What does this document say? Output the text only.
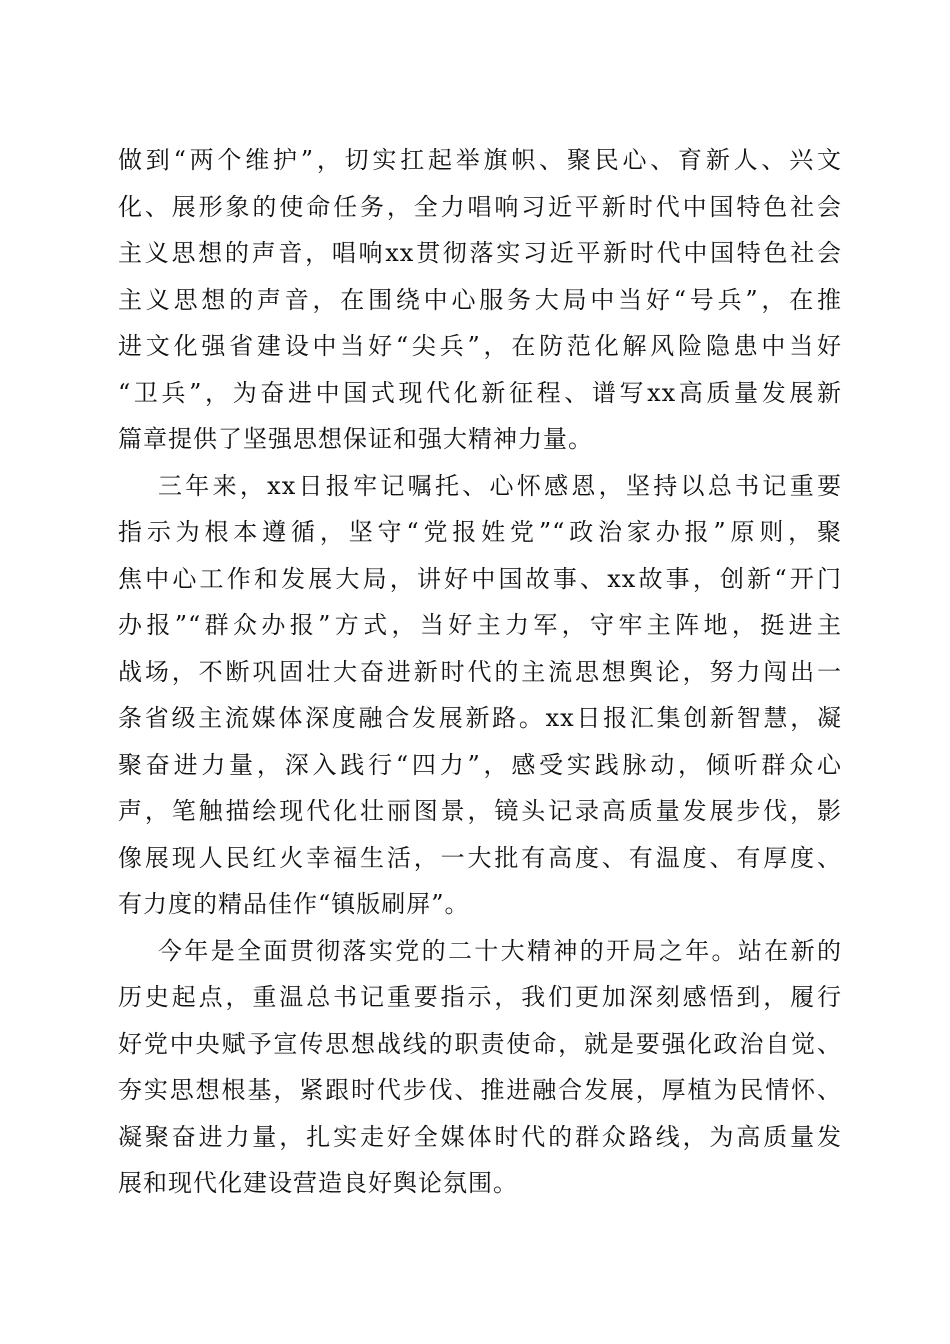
做到“两个维护”，切实扛起举旗帜、聚民心、育新人、兴文
化、展形象的使命任务，全力唱响习近平新时代中国特色社会
主义思想的声音，唱响xx贯彻落实习近平新时代中国特色社会
主义思想的声音，在围绕中心服务大局中当好“号兵”，在推
进文化强省建设中当好“尖兵”，在防范化解风险隐患中当好
“卫兵”，为奋进中国式现代化新征程、谱写xx高质量发展新
篇章提供了坚强思想保证和强大精神力量。
三年来，xx日报牢记嘱托、心怀感恩，坚持以总书记重要
指示为根本遵循，坚守“党报姓党”“政治家办报”原则，聚
焦中心工作和发展大局，讲好中国故事、xx故事，创新“开门
办报”“群众办报”方式，当好主力军，守牢主阵地，挺进主
战场，不断巩固壮大奋进新时代的主流思想舆论，努力闯出一
条省级主流媒体深度融合发展新路。xx日报汇集创新智慧，凝
聚奋进力量，深入践行“四力”，感受实践脉动，倾听群众心
声，笔触描绘现代化壮丽图景，镜头记录高质量发展步伐，影
像展现人民红火幸福生活，一大批有高度、有温度、有厚度、
有力度的精品佳作“镇版刷屏”。
今年是全面贯彻落实党的二十大精神的开局之年。站在新的
历史起点，重温总书记重要指示，我们更加深刻感悟到，履行
好党中央赋予宣传思想战线的职责使命，就是要强化政治自觉、
夯实思想根基，紧跟时代步伐、推进融合发展，厚植为民情怀、
凝聚奋进力量，扎实走好全媒体时代的群众路线，为高质量发
展和现代化建设营造良好舆论氛围。
